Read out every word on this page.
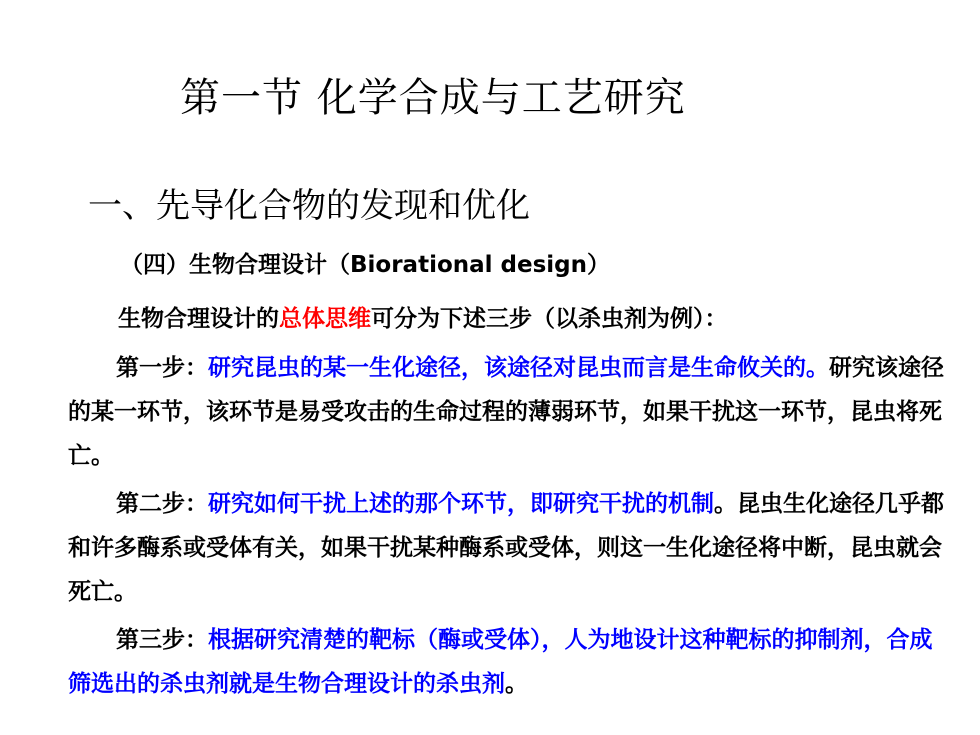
第一节 化学合成与工艺研究
一、先导化合物的发现和优化
（四）生物合理设计（Biorational design）
生物合理设计的总体思维可分为下述三步（以杀虫剂为例）：
第一步：研究昆虫的某一生化途径，该途径对昆虫而言是生命攸关的。研究该途径的某一环节，该环节是易受攻击的生命过程的薄弱环节，如果干扰这一环节，昆虫将死亡。
第二步：研究如何干扰上述的那个环节，即研究干扰的机制。昆虫生化途径几乎都和许多酶系或受体有关，如果干扰某种酶系或受体，则这一生化途径将中断，昆虫就会死亡。
第三步：根据研究清楚的靶标（酶或受体），人为地设计这种靶标的抑制剂，合成筛选出的杀虫剂就是生物合理设计的杀虫剂。
